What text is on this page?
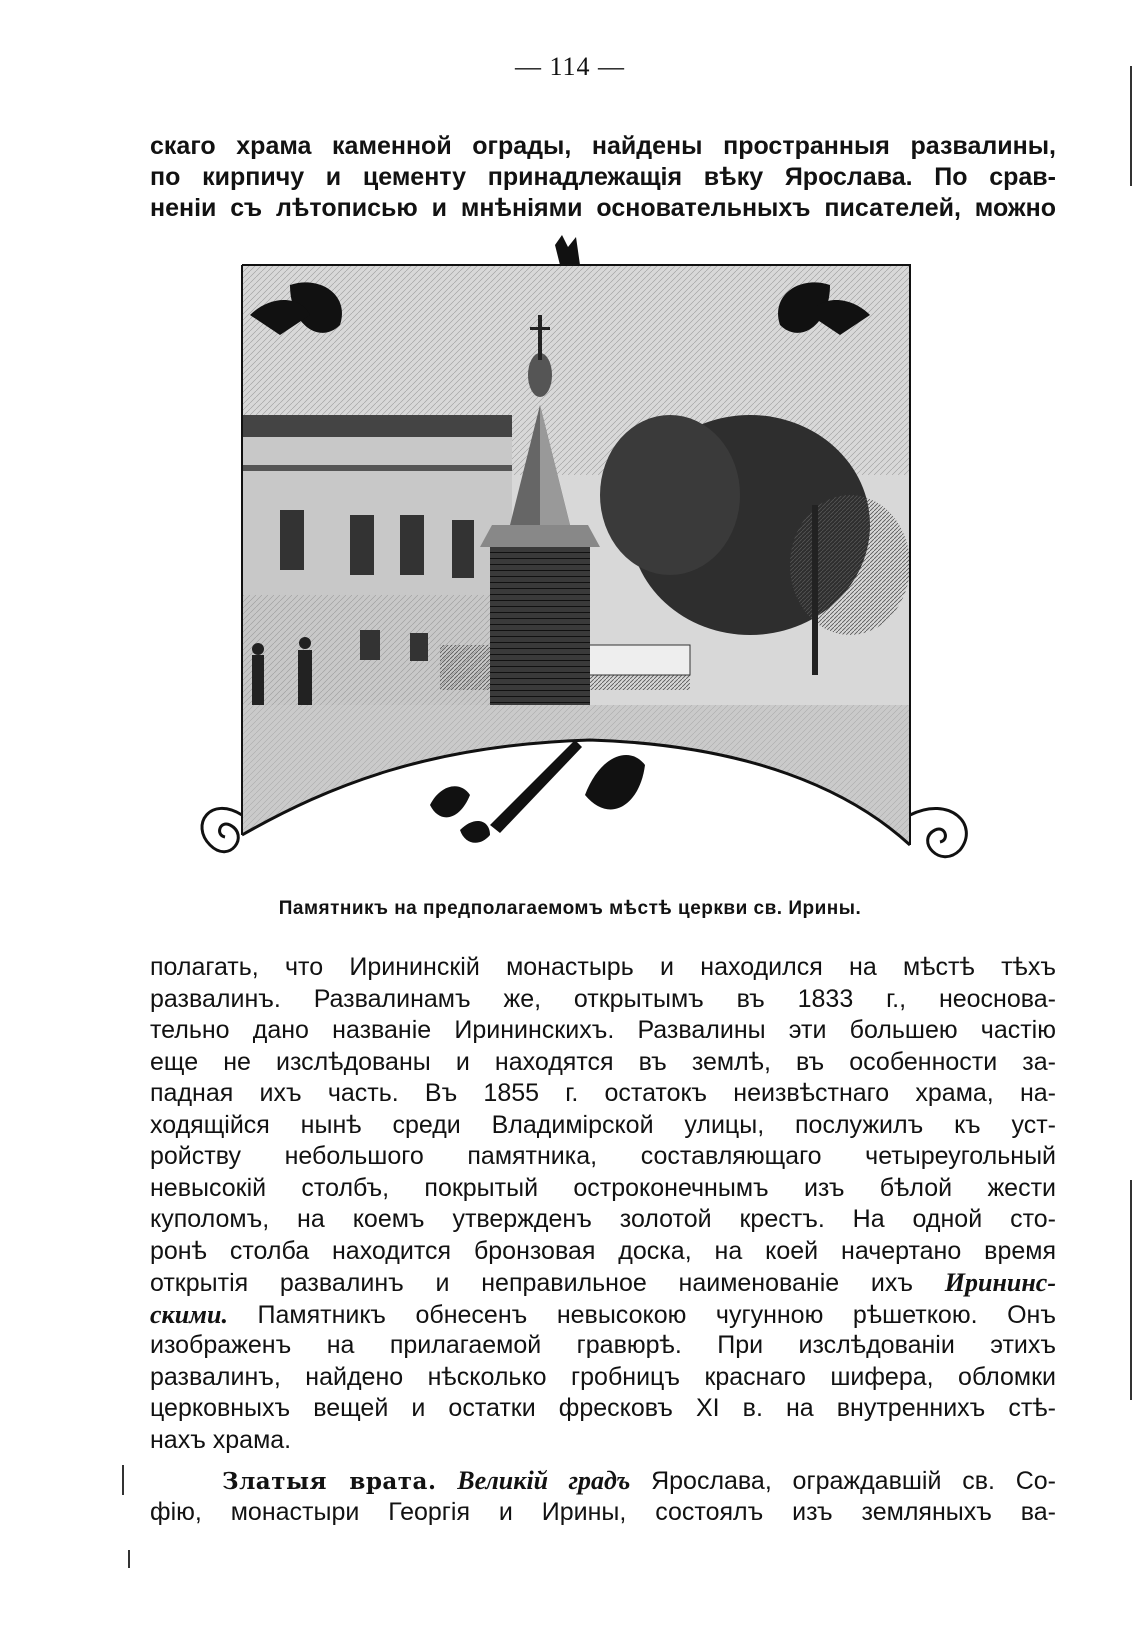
— 114 —
скаго храма каменной ограды, найдены пространныя развалины,
по кирпичу и цементу принадлежащія вѣку Ярослава. По срав-
неніи съ лѣтописью и мнѣніями основательныхъ писателей, можно
Памятникъ на предполагаемомъ мѣстѣ церкви св. Ирины.
полагать, что Ирининскій монастырь и находился на мѣстѣ тѣхъ
развалинъ. Развалинамъ же, открытымъ въ 1833 г., неоснова-
тельно дано названіе Ирининскихъ. Развалины эти большею частію
еще не изслѣдованы и находятся въ землѣ, въ особенности за-
падная ихъ часть. Въ 1855 г. остатокъ неизвѣстнаго храма, на-
ходящійся нынѣ среди Владимірской улицы, послужилъ къ уст-
ройству небольшого памятника, составляющаго четыреугольный
невысокій столбъ, покрытый остроконечнымъ изъ бѣлой жести
куполомъ, на коемъ утвержденъ золотой крестъ. На одной сто-
ронѣ столба находится бронзовая доска, на коей начертано время
открытія развалинъ и неправильное наименованіе ихъ Ирининс-
скими. Памятникъ обнесенъ невысокою чугунною рѣшеткою. Онъ
изображенъ на прилагаемой гравюрѣ. При изслѣдованіи этихъ
развалинъ, найдено нѣсколько гробницъ краснаго шифера, обломки
церковныхъ вещей и остатки фресковъ XI в. на внутреннихъ стѣ-
нахъ храма.
Златыя врата. Великій градъ Ярослава, ограждавшій св. Со-
фію, монастыри Георгія и Ирины, состоялъ изъ земляныхъ ва-
